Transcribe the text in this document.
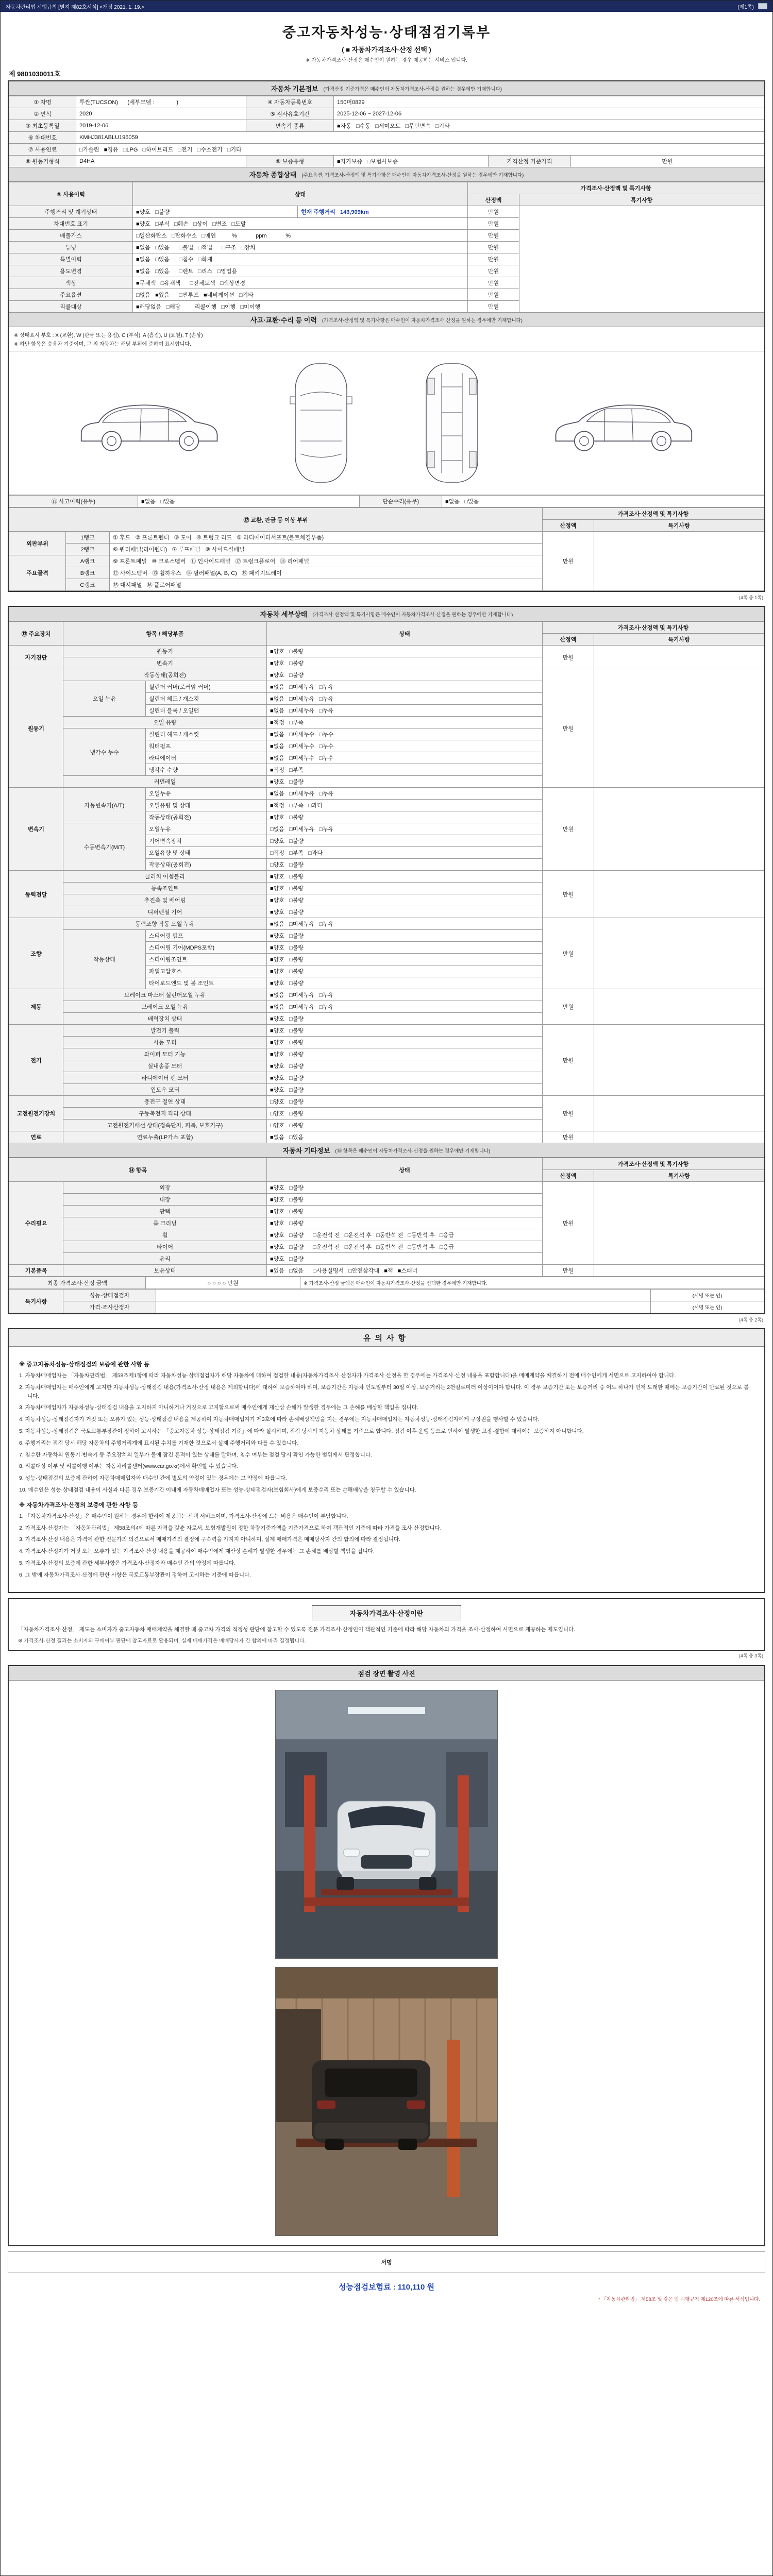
자동차관리법 시행규칙 [별지 제82호서식] <개정 2021. 1. 19.>	(제1쪽)
중고자동차성능·상태점검기록부
( ■ 자동차가격조사·산정 선택 )
※ 자동차가격조사·산정은 매수인이 원하는 경우 제공하는 서비스 입니다.
제 9801030011호
자동차 기본정보 (가격산정 기준가격은 매수인이 자동차가격조사·산정을 원하는 경우에만 기재합니다)
① 차명	투싼(TUCSON)      (세부모델 :              )	④ 자동차등록번호	150머0829		
② 연식	2020	⑤ 검사유효기간	2025-12-06 ~ 2027-12-06		
③ 최초등록일	2019-12-06	변속기 종류	■자동   □수동   □세미오토   □무단변속   □기타		
⑥ 차대번호	KMHJ381ABLU196059				
⑦ 사용연료	□가솔린   ■경유   □LPG   □하이브리드   □전기   □수소전기   □기타				
⑧ 원동기형식	D4HA	⑨ 보증유형	■자가보증   □보험사보증	가격산정 기준가격	만원
자동차 종합상태 (주요옵션, 가격조사·산정액 및 특기사항은 매수인이 자동차가격조사·산정을 원하는 경우에만 기재합니다)
⑨ 사용이력	상태		가격조사·산정액 및 특기사항	
			산정액	특기사항
주행거리 및 계기상태	■양호   □불량	현재 주행거리   143,909km	만원	
차대번호 표기	■양호   □부식   □훼손   □상이   □변조   □도말		만원	
배출가스	□일산화탄소   □탄화수소   □매연          %            ppm            %		만원	
튜닝	■없음   □있음      □불법   □적법      □구조   □장치		만원	
특별이력	■없음   □있음      □침수   □화재		만원	
용도변경	■없음   □있음      □렌트   □리스   □영업용		만원	
색상	■무채색   □유채색      □전체도색   □색상변경		만원	
주요옵션	□없음   ■있음      □썬루프   ■네비게이션   □기타		만원	
리콜대상	■해당없음   □해당         리콜이행   □이행   □미이행		만원	
사고·교환·수리 등 이력 (가격조사·산정액 및 특기사항은 매수인이 자동차가격조사·산정을 원하는 경우에만 기재합니다)
※ 상태표시 부호 : X (교환), W (판금 또는 용접), C (부식), A (흠집), U (요철), T (손상)
※ 하단 항목은 승용차 기준이며, 그 외 자동차는 해당 부위에 준하여 표시합니다.
⑪ 사고이력(유무)	■없음   □있음	단순수리(유무)	■없음   □있음
⑫ 교환, 판금 등 이상 부위			가격조사·산정액 및 특기사항	
			산정액	특기사항
외판부위	1랭크	① 후드   ② 프론트펜더   ③ 도어   ④ 트렁크 리드   ⑤ 라디에이터서포트(볼트체결부품)	만원	
	2랭크	⑥ 쿼터패널(리어펜더)   ⑦ 루프패널   ⑧ 사이드실패널		
주요골격	A랭크	⑨ 프론트패널   ⑩ 크로스멤버   ⑪ 인사이드패널   ⑰ 트렁크플로어   ⑱ 리어패널		
	B랭크	⑫ 사이드멤버   ⑬ 휠하우스   ⑭ 필러패널(A, B, C)   ⑲ 패키지트레이		
	C랭크	⑮ 대시패널   ⑯ 플로어패널		
(4쪽 중 1쪽)
자동차 세부상태 (가격조사·산정액 및 특기사항은 매수인이 자동차가격조사·산정을 원하는 경우에만 기재합니다)
⑬ 주요장치	항목 / 해당부품		상태	가격조사·산정액 및 특기사항	
				산정액	특기사항
자기진단	원동기		■양호   □불량	만원	
	변속기		■양호   □불량		
원동기	작동상태(공회전)		■양호   □불량	만원	
	오일 누유	실린더 커버(로커암 커버)	■없음   □미세누유   □누유		
		실린더 헤드 / 개스킷	■없음   □미세누유   □누유		
		실린더 블록 / 오일팬	■없음   □미세누유   □누유		
	오일 유량		■적정   □부족		
	냉각수 누수	실린더 헤드 / 개스킷	■없음   □미세누수   □누수		
		워터펌프	■없음   □미세누수   □누수		
		라디에이터	■없음   □미세누수   □누수		
		냉각수 수량	■적정   □부족		
	커먼레일		■양호   □불량		
변속기	자동변속기(A/T)	오일누유	■없음   □미세누유   □누유	만원	
		오일유량 및 상태	■적정   □부족   □과다		
		작동상태(공회전)	■양호   □불량		
	수동변속기(M/T)	오일누유	□없음   □미세누유   □누유		
		기어변속장치	□양호   □불량		
		오일유량 및 상태	□적정   □부족   □과다		
		작동상태(공회전)	□양호   □불량		
동력전달	클러치 어셈블리		■양호   □불량	만원	
	등속조인트		■양호   □불량		
	추진축 및 베어링		■양호   □불량		
	디퍼렌셜 기어		■양호   □불량		
조향	동력조향 작동 오일 누유		■없음   □미세누유   □누유	만원	
	작동상태	스티어링 펌프	■양호   □불량		
		스티어링 기어(MDPS포함)	■양호   □불량		
		스티어링조인트	■양호   □불량		
		파워고압호스	■양호   □불량		
		타이로드엔드 및 볼 조인트	■양호   □불량		
제동	브레이크 마스터 실린더오일 누유		■없음   □미세누유   □누유	만원	
	브레이크 오일 누유		■없음   □미세누유   □누유		
	배력장치 상태		■양호   □불량		
전기	발전기 출력		■양호   □불량	만원	
	시동 모터		■양호   □불량		
	와이퍼 모터 기능		■양호   □불량		
	실내송풍 모터		■양호   □불량		
	라디에이터 팬 모터		■양호   □불량		
	윈도우 모터		■양호   □불량		
고전원전기장치	충전구 절연 상태		□양호   □불량	만원	
	구동축전지 격리 상태		□양호   □불량		
	고전원전기배선 상태(접속단자, 피복, 보호기구)		□양호   □불량		
연료	연료누출(LP가스 포함)		■없음   □있음	만원	
자동차 기타정보 (⑭ 항목은 매수인이 자동차가격조사·산정을 원하는 경우에만 기재합니다)
⑭ 항목		상태	가격조사·산정액 및 특기사항	
			산정액	특기사항
수리필요	외장	■양호   □불량	만원	
	내장	■양호   □불량		
	광택	■양호   □불량		
	룸 크리닝	■양호   □불량		
	휠	■양호   □불량      □운전석 전   □운전석 후   □동반석 전   □동반석 후   □응급		
	타이어	■양호   □불량      □운전석 전   □운전석 후   □동반석 전   □동반석 후   □응급		
	유리	■양호   □불량		
기본품목	보유상태	■있음   □없음      □사용설명서   □안전삼각대   ■잭   ■스패너	만원	
최종 가격조사·산정 금액	○ ○ ○ ○ 만원	※ 가격조사·산정 금액은 매수인이 자동차가격조사·산정을 선택한 경우에만 기재합니다.
특기사항	성능·상태점검자		(서명 또는 인)
	가격·조사산정자		(서명 또는 인)
(4쪽 중 2쪽)
유의사항
※ 중고자동차성능·상태점검의 보증에 관한 사항 등
1. 자동차매매업자는 「자동차관리법」 제58조제1항에 따라 자동차성능·상태점검자가 해당 자동차에 대하여 점검한 내용(자동차가격조사·산정자가 가격조사·산정을 한 경우에는 가격조사·산정 내용을 포함합니다)을 매매계약을 체결하기 전에 매수인에게 서면으로 고지하여야 합니다.
2. 자동차매매업자는 매수인에게 고지한 자동차성능·상태점검 내용(가격조사·산정 내용은 제외합니다)에 대하여 보증하여야 하며, 보증기간은 자동차 인도일부터 30일 이상, 보증거리는 2천킬로미터 이상이어야 합니다. 이 경우 보증기간 또는 보증거리 중 어느 하나가 먼저 도래한 때에는 보증기간이 만료된 것으로 봅니다.
3. 자동차매매업자가 자동차성능·상태점검 내용을 고지하지 아니하거나 거짓으로 고지함으로써 매수인에게 재산상 손해가 발생한 경우에는 그 손해를 배상할 책임을 집니다.
4. 자동차성능·상태점검자가 거짓 또는 오류가 있는 성능·상태점검 내용을 제공하여 자동차매매업자가 제3호에 따라 손해배상책임을 지는 경우에는 자동차매매업자는 자동차성능·상태점검자에게 구상권을 행사할 수 있습니다.
5. 자동차성능·상태점검은 국토교통부장관이 정하여 고시하는 「중고자동차 성능·상태점검 기준」에 따라 실시하며, 점검 당시의 자동차 상태를 기준으로 합니다. 점검 이후 운행 등으로 인하여 발생한 고장·결함에 대하여는 보증하지 아니합니다.
6. 주행거리는 점검 당시 해당 자동차의 주행거리계에 표시된 수치를 기재한 것으로서 실제 주행거리와 다를 수 있습니다.
7. 침수란 자동차의 원동기·변속기 등 주요장치의 일부가 물에 잠긴 흔적이 있는 상태를 말하며, 침수 여부는 점검 당시 확인 가능한 범위에서 판정합니다.
8. 리콜대상 여부 및 리콜이행 여부는 자동차리콜센터(www.car.go.kr)에서 확인할 수 있습니다.
9. 성능·상태점검의 보증에 관하여 자동차매매업자와 매수인 간에 별도의 약정이 있는 경우에는 그 약정에 따릅니다.
10. 매수인은 성능·상태점검 내용이 사실과 다른 경우 보증기간 이내에 자동차매매업자 또는 성능·상태점검자(보험회사)에게 보증수리 또는 손해배상을 청구할 수 있습니다.
※ 자동차가격조사·산정의 보증에 관한 사항 등
1. 「자동차가격조사·산정」은 매수인이 원하는 경우에 한하여 제공되는 선택 서비스이며, 가격조사·산정에 드는 비용은 매수인이 부담합니다.
2. 가격조사·산정자는 「자동차관리법」 제58조의4에 따른 자격을 갖춘 자로서, 보험개발원이 정한 차량기준가액을 기준가격으로 하여 객관적인 기준에 따라 가격을 조사·산정합니다.
3. 가격조사·산정 내용은 가격에 관한 전문가의 의견으로서 매매가격의 결정에 구속력을 가지지 아니하며, 실제 매매가격은 매매당사자 간의 합의에 따라 결정됩니다.
4. 가격조사·산정자가 거짓 또는 오류가 있는 가격조사·산정 내용을 제공하여 매수인에게 재산상 손해가 발생한 경우에는 그 손해를 배상할 책임을 집니다.
5. 가격조사·산정의 보증에 관한 세부사항은 가격조사·산정자와 매수인 간의 약정에 따릅니다.
6. 그 밖에 자동차가격조사·산정에 관한 사항은 국토교통부장관이 정하여 고시하는 기준에 따릅니다.
자동차가격조사·산정이란
「자동차가격조사·산정」 제도는 소비자가 중고자동차 매매계약을 체결할 때 중고차 가격의 적정성 판단에 참고할 수 있도록 전문 가격조사·산정인이 객관적인 기준에 따라 해당 자동차의 가격을 조사·산정하여 서면으로 제공하는 제도입니다.
※ 가격조사·산정 결과는 소비자의 구매여부 판단에 참고자료로 활용되며, 실제 매매가격은 매매당사자 간 합의에 따라 결정됩니다.
(4쪽 중 3쪽)
점검 장면 촬영 사진
서명
성능점검보험료 : 110,110 원
* 「자동차관리법」 제58조 및 같은 법 시행규칙 제120조에 따른 서식입니다.
